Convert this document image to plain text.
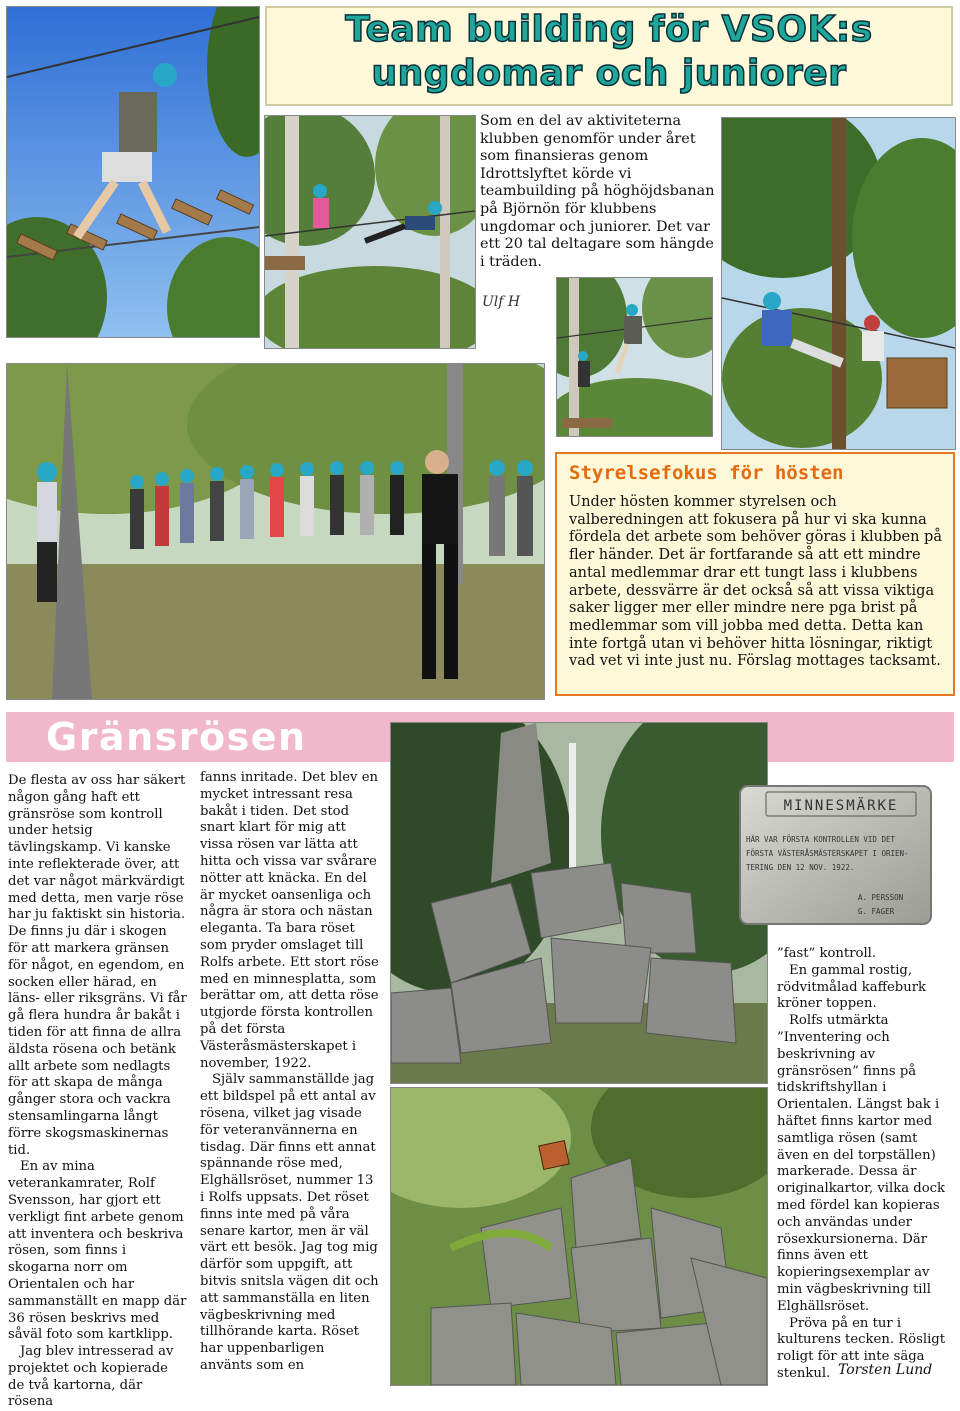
Team building för VSOK:s
ungdomar och juniorer
Som en del av aktiviteterna klubben genomför under året som finansieras genom Idrottslyftet körde vi teambuilding på höghöjdsbanan på Björnön för klubbens ungdomar och juniorer. Det var ett 20 tal deltagare som hängde i träden.
Ulf H
Styrelsefokus för hösten
Under hösten kommer styrelsen och valberedningen att fokusera på hur vi ska kunna fördela det arbete som behöver göras i klubben på fler händer. Det är fortfarande så att ett mindre antal medlemmar drar ett tungt lass i klubbens arbete, dessvärre är det också så att vissa viktiga saker ligger mer eller mindre nere pga brist på medlemmar som vill jobba med detta. Detta kan inte fortgå utan vi behöver hitta lösningar, riktigt vad vet vi inte just nu. Förslag mottages tacksamt.
Gränsrösen

De flesta av oss har säkert någon gång haft ett gränsröse som kontroll under hetsig tävlingskamp. Vi kanske inte reflekterade över, att det var något märkvärdigt med detta, men varje röse har ju faktiskt sin historia. De finns ju där i skogen för att markera gränsen för något, en egendom, en socken eller härad, en läns- eller riksgräns. Vi får gå flera hundra år bakåt i tiden för att finna de allra äldsta rösena och betänk allt arbete som nedlagts för att skapa de många gånger stora och vackra stensamlingarna långt förre skogsmaskinernas tid.

En av mina veterankamrater, Rolf Svensson, har gjort ett verkligt fint arbete genom att inventera och beskriva rösen, som finns i skogarna norr om Orientalen och har sammanställt en mapp där 36 rösen beskrivs med såväl foto som kartklipp.

Jag blev intresserad av projektet och kopierade de två kartorna, där rösena

fanns inritade. Det blev en mycket intressant resa bakåt i tiden. Det stod snart klart för mig att vissa rösen var lätta att hitta och vissa var svårare nötter att knäcka. En del är mycket oansenliga och några är stora och nästan eleganta. Ta bara röset som pryder omslaget till Rolfs arbete. Ett stort röse med en minnesplatta, som berättar om, att detta röse utgjorde första kontrollen på det första Västeråsmästerskapet i november, 1922.

Själv sammanställde jag ett bildspel på ett antal av rösena, vilket jag visade för veteranvännerna en tisdag. Där finns ett annat spännande röse med, Elghällsröset, nummer 13 i Rolfs uppsats. Det röset finns inte med på våra senare kartor, men är väl värt ett besök. Jag tog mig därför som uppgift, att bitvis snitsla vägen dit och att sammanställa en liten vägbeskrivning med tillhörande karta. Röset har uppenbarligen använts som en

”fast” kontroll.

En gammal rostig, rödvitmålad kaffeburk kröner toppen.

Rolfs utmärkta ”Inventering och beskrivning av gränsrösen” finns på tidskriftshyllan i Orientalen. Längst bak i häftet finns kartor med samtliga rösen (samt även en del torpställen) markerade. Dessa är originalkartor, vilka dock med fördel kan kopieras och användas under rösexkursionerna. Där finns även ett kopieringsexemplar av min vägbeskrivning till Elghällsröset.

Pröva på en tur i kulturens tecken. Rösligt roligt för att inte säga stenkul. Torsten Lund
MINNESMÄRKE
HÄR VAR FÖRSTA KONTROLLEN VID DET
FÖRSTA VÄSTERÅSMÄSTERSKAPET I ORIEN-
TERING DEN 12 NOV. 1922.
A. PERSSON
G. FAGER
